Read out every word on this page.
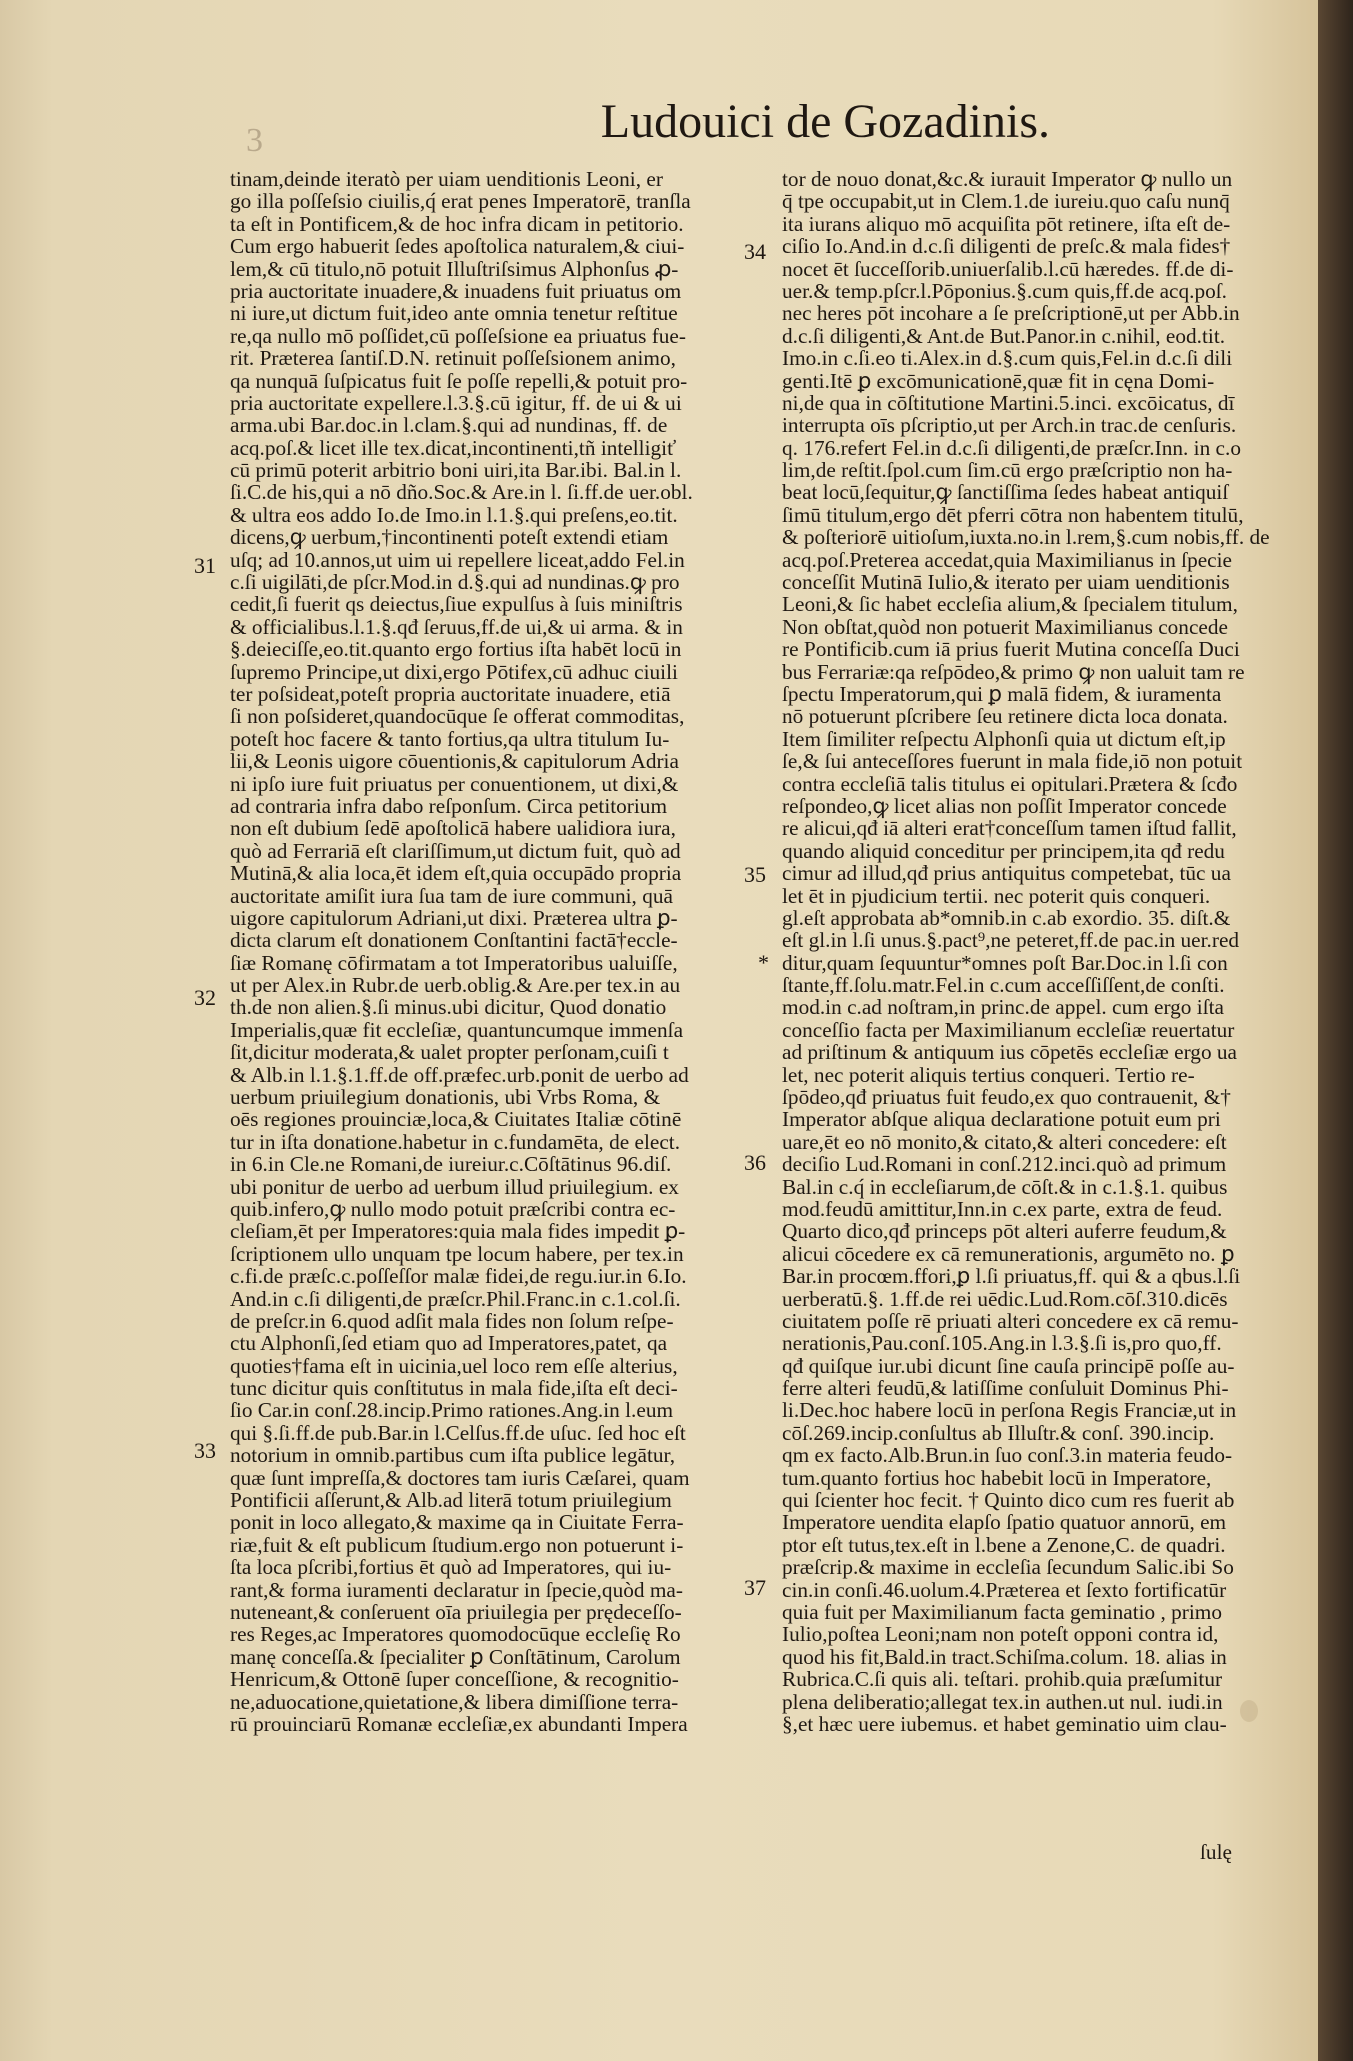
3	Ludouici de Gozadinis.
31
32
33
34
35
36
37
*
tinam,deinde iteratò per uiam uenditionis Leoni, er
go illa poſſeſsio ciuilis,q́ erat penes Imperatorē, tranſla
ta eſt in Pontificem,& de hoc infra dicam in petitorio.
Cum ergo habuerit ſedes apoſtolica naturalem,& ciui-
lem,& cū titulo,nō potuit Illuſtriſsimus Alphonſus ꝓ-
pria auctoritate inuadere,& inuadens fuit priuatus om
ni iure,ut dictum fuit,ideo ante omnia tenetur reſtitue
re,qa nullo mō poſſidet,cū poſſeſsione ea priuatus fue-
rit. Præterea ſantiſ.D.N. retinuit poſſeſsionem animo,
qa nunquā ſuſpicatus fuit ſe poſſe repelli,& potuit pro-
pria auctoritate expellere.l.3.§.cū igitur, ff. de ui & ui
arma.ubi Bar.doc.in l.clam.§.qui ad nundinas, ff. de
acq.poſ.& licet ille tex.dicat,incontinenti,tñ intelligiť
cū primū poterit arbitrio boni uiri,ita Bar.ibi. Bal.in l.
ſi.C.de his,qui a nō dño.Soc.& Are.in l. ſi.ff.de uer.obl.
& ultra eos addo Io.de Imo.in l.1.§.qui preſens,eo.tit.
dicens,ꝙ uerbum,†incontinenti poteſt extendi etiam
uſq; ad 10.annos,ut uim ui repellere liceat,addo Fel.in
c.ſi uigilāti,de pſcr.Mod.in d.§.qui ad nundinas.ꝙ pro
cedit,ſi fuerit qs deiectus,ſiue expulſus à ſuis miniſtris
& officialibus.l.1.§.qđ ſeruus,ff.de ui,& ui arma. & in
§.deieciſſe,eo.tit.quanto ergo fortius iſta habēt locū in
ſupremo Principe,ut dixi,ergo Pōtifex,cū adhuc ciuili
ter poſsideat,poteſt propria auctoritate inuadere, etiā
ſi non poſsideret,quandocūque ſe offerat commoditas,
poteſt hoc facere & tanto fortius,qa ultra titulum Iu-
lii,& Leonis uigore cōuentionis,& capitulorum Adria
ni ipſo iure fuit priuatus per conuentionem, ut dixi,&
ad contraria infra dabo reſponſum. Circa petitorium
non eſt dubium ſedē apoſtolicā habere ualidiora iura,
quò ad Ferrariā eſt clariſſimum,ut dictum fuit, quò ad
Mutinā,& alia loca,ēt idem eſt,quia occupādo propria
auctoritate amiſit iura ſua tam de iure communi, quā
uigore capitulorum Adriani,ut dixi. Præterea ultra ꝑ-
dicta clarum eſt donationem Conſtantini factā†eccle-
ſiæ Romanę cōfirmatam a tot Imperatoribus ualuiſſe,
ut per Alex.in Rubr.de uerb.oblig.& Are.per tex.in au
th.de non alien.§.ſi minus.ubi dicitur, Quod donatio
Imperialis,quæ fit eccleſiæ, quantuncumque immenſa
ſit,dicitur moderata,& ualet propter perſonam,cuiſi t
& Alb.in l.1.§.1.ff.de off.præfec.urb.ponit de uerbo ad
uerbum priuilegium donationis, ubi Vrbs Roma, &
oēs regiones prouinciæ,loca,& Ciuitates Italiæ cōtinē
tur in iſta donatione.habetur in c.fundamēta, de elect.
in 6.in Cle.ne Romani,de iureiur.c.Cōſtātinus 96.diſ.
ubi ponitur de uerbo ad uerbum illud priuilegium. ex
quib.infero,ꝙ nullo modo potuit præſcribi contra ec-
cleſiam,ēt per Imperatores:quia mala fides impedit ꝑ-
ſcriptionem ullo unquam tpe locum habere, per tex.in
c.fi.de præſc.c.poſſeſſor malæ fidei,de regu.iur.in 6.Io.
And.in c.ſi diligenti,de præſcr.Phil.Franc.in c.1.col.ſi.
de preſcr.in 6.quod adſit mala fides non ſolum reſpe-
ctu Alphonſi,ſed etiam quo ad Imperatores,patet, qa
quoties†fama eſt in uicinia,uel loco rem eſſe alterius,
tunc dicitur quis conſtitutus in mala fide,iſta eſt deci-
ſio Car.in conſ.28.incip.Primo rationes.Ang.in l.eum
qui §.ſi.ff.de pub.Bar.in l.Celſus.ff.de uſuc. ſed hoc eſt
notorium in omnib.partibus cum iſta publice legātur,
quæ ſunt impreſſa,& doctores tam iuris Cæſarei, quam
Pontificii aſſerunt,& Alb.ad literā totum priuilegium
ponit in loco allegato,& maxime qa in Ciuitate Ferra-
riæ,fuit & eſt publicum ſtudium.ergo non potuerunt i-
ſta loca pſcribi,fortius ēt quò ad Imperatores, qui iu-
rant,& forma iuramenti declaratur in ſpecie,quòd ma-
nuteneant,& conſeruent oīa priuilegia per prędeceſſo-
res Reges,ac Imperatores quomodocūque eccleſię Ro
manę conceſſa.& ſpecialiter ꝑ Conſtātinum, Carolum
Henricum,& Ottonē ſuper conceſſione, & recognitio-
ne,aduocatione,quietatione,& libera dimiſſione terra-
rū prouinciarū Romanæ eccleſiæ,ex abundanti Impera
tor de nouo donat,&c.& iurauit Imperator ꝙ nullo un
q̄ tpe occupabit,ut in Clem.1.de iureiu.quo caſu nunq̄
ita iurans aliquo mō acquiſita pōt retinere, iſta eſt de-
ciſio Io.And.in d.c.ſi diligenti de preſc.& mala fides†
nocet ēt ſucceſſorib.uniuerſalib.l.cū hæredes. ff.de di-
uer.& temp.pſcr.l.Pōponius.§.cum quis,ff.de acq.poſ.
nec heres pōt incohare a ſe preſcriptionē,ut per Abb.in
d.c.ſi diligenti,& Ant.de But.Panor.in c.nihil, eod.tit.
Imo.in c.ſi.eo ti.Alex.in d.§.cum quis,Fel.in d.c.ſi dili
genti.Itē ꝑ excōmunicationē,quæ fit in cęna Domi-
ni,de qua in cōſtitutione Martini.5.inci. excōicatus, dī
interrupta oīs pſcriptio,ut per Arch.in trac.de cenſuris.
q. 176.refert Fel.in d.c.ſi diligenti,de præſcr.Inn. in c.o
lim,de reſtit.ſpol.cum ſim.cū ergo præſcriptio non ha-
beat locū,ſequitur,ꝙ ſanctiſſima ſedes habeat antiquiſ
ſimū titulum,ergo dēt pferri cōtra non habentem titulū,
& poſteriorē uitioſum,iuxta.no.in l.rem,§.cum nobis,ff. de
acq.poſ.Preterea accedat,quia Maximilianus in ſpecie
conceſſit Mutinā Iulio,& iterato per uiam uenditionis
Leoni,& ſic habet eccleſia alium,& ſpecialem titulum,
Non obſtat,quòd non potuerit Maximilianus concede
re Pontificib.cum iā prius fuerit Mutina conceſſa Duci
bus Ferrariæ:qa reſpōdeo,& primo ꝙ non ualuit tam re
ſpectu Imperatorum,qui ꝑ malā fidem, & iuramenta
nō potuerunt pſcribere ſeu retinere dicta loca donata.
Item ſimiliter reſpectu Alphonſi quia ut dictum eſt,ip
ſe,& ſui anteceſſores fuerunt in mala fide,iō non potuit
contra eccleſiā talis titulus ei opitulari.Prætera & ſcđo
reſpondeo,ꝙ licet alias non poſſit Imperator concede
re alicui,qđ iā alteri erat†conceſſum tamen iſtud fallit,
quando aliquid conceditur per principem,ita qđ redu
cimur ad illud,qđ prius antiquitus competebat, tūc ua
let ēt in pjudicium tertii. nec poterit quis conqueri.
gl.eſt approbata ab*omnib.in c.ab exordio. 35. diſt.&
eſt gl.in l.ſi unus.§.pact⁹,ne peteret,ff.de pac.in uer.red
ditur,quam ſequuntur*omnes poſt Bar.Doc.in l.ſi con
ſtante,ff.ſolu.matr.Fel.in c.cum acceſſiſſent,de conſti.
mod.in c.ad noſtram,in princ.de appel. cum ergo iſta
conceſſio facta per Maximilianum eccleſiæ reuertatur
ad priſtinum & antiquum ius cōpetēs eccleſiæ ergo ua
let, nec poterit aliquis tertius conqueri. Tertio re-
ſpōdeo,qđ priuatus fuit feudo,ex quo contrauenit, &†
Imperator abſque aliqua declaratione potuit eum pri
uare,ēt eo nō monito,& citato,& alteri concedere: eſt
deciſio Lud.Romani in conſ.212.inci.quò ad primum
Bal.in c.q́ in eccleſiarum,de cōſt.& in c.1.§.1. quibus
mod.feudū amittitur,Inn.in c.ex parte, extra de feud.
Quarto dico,qđ princeps pōt alteri auferre feudum,&
alicui cōcedere ex cā remunerationis, argumēto no. ꝑ
Bar.in procœm.ffori,ꝑ l.ſi priuatus,ff. qui & a qbus.l.ſi
uerberatū.§. 1.ff.de rei uēdic.Lud.Rom.cōſ.310.dicēs
ciuitatem poſſe rē priuati alteri concedere ex cā remu-
nerationis,Pau.conſ.105.Ang.in l.3.§.ſi is,pro quo,ff.
qđ quiſque iur.ubi dicunt ſine cauſa principē poſſe au-
ferre alteri feudū,& latiſſime conſuluit Dominus Phi-
li.Dec.hoc habere locū in perſona Regis Franciæ,ut in
cōſ.269.incip.conſultus ab Illuſtr.& conſ. 390.incip.
qm ex facto.Alb.Brun.in ſuo conſ.3.in materia feudo-
tum.quanto fortius hoc habebit locū in Imperatore,
qui ſcienter hoc fecit. † Quinto dico cum res fuerit ab
Imperatore uendita elapſo ſpatio quatuor annorū, em
ptor eſt tutus,tex.eſt in l.bene a Zenone,C. de quadri.
præſcrip.& maxime in eccleſia ſecundum Salic.ibi So
cin.in conſi.46.uolum.4.Præterea et ſexto fortificatūr
quia fuit per Maximilianum facta geminatio , primo
Iulio,poſtea Leoni;nam non poteſt opponi contra id,
quod his fit,Bald.in tract.Schiſma.colum. 18. alias in
Rubrica.C.ſi quis ali. teſtari. prohib.quia præſumitur
plena deliberatio;allegat tex.in authen.ut nul. iudi.in
§,et hæc uere iubemus. et habet geminatio uim clau-
ſulę
